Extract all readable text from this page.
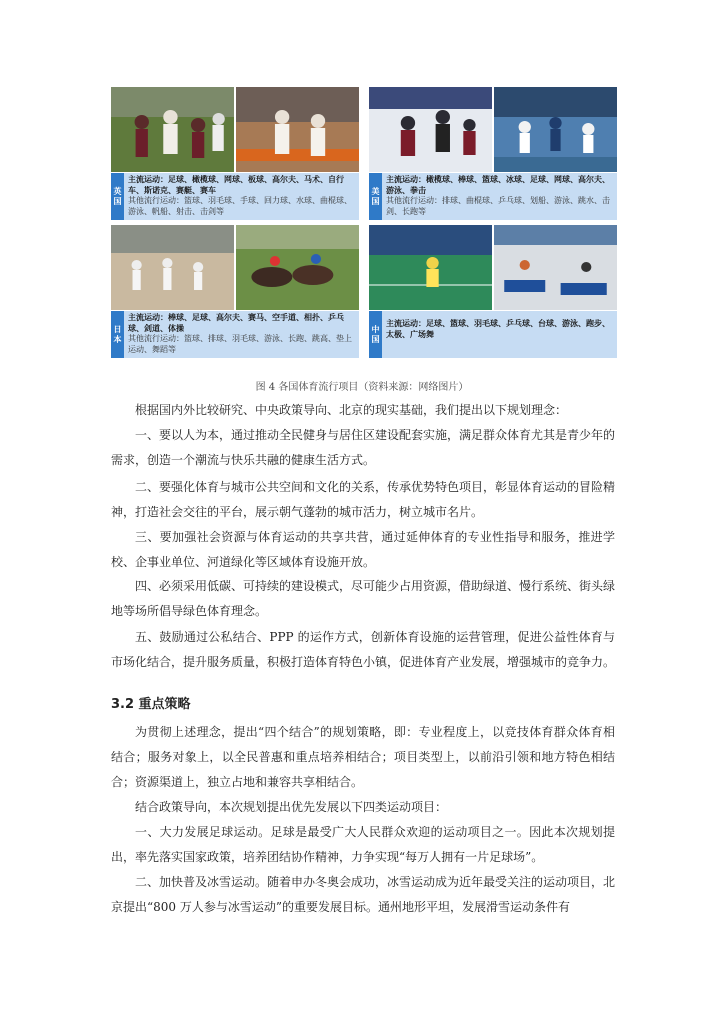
英国
主流运动：足球、橄榄球、网球、板球、高尔夫、马术、自行车、斯诺克、赛艇、赛车
其他流行运动：篮球、羽毛球、手球、回力球、水球、曲棍球、游泳、帆船、射击、击剑等
美国
主流运动：橄榄球、棒球、篮球、冰球、足球、网球、高尔夫、游泳、拳击
其他流行运动：排球、曲棍球、乒乓球、划船、游泳、跳水、击剑、长跑等
日本
主流运动：棒球、足球、高尔夫、赛马、空手道、相扑、乒乓球、剑道、体操
其他流行运动：篮球、排球、羽毛球、游泳、长跑、跳高、垫上运动、舞蹈等
中国
主流运动：足球、篮球、羽毛球、乒乓球、台球、游泳、跑步、太极、广场舞
图 4 各国体育流行项目（资料来源：网络图片）

根据国内外比较研究、中央政策导向、北京的现实基础，我们提出以下规划理念：

一、要以人为本，通过推动全民健身与居住区建设配套实施，满足群众体育尤其是青少年的需求，创造一个潮流与快乐共融的健康生活方式。

二、要强化体育与城市公共空间和文化的关系，传承优势特色项目，彰显体育运动的冒险精神，打造社会交往的平台，展示朝气蓬勃的城市活力，树立城市名片。

三、要加强社会资源与体育运动的共享共营，通过延伸体育的专业性指导和服务，推进学校、企事业单位、河道绿化等区域体育设施开放。

四、必须采用低碳、可持续的建设模式，尽可能少占用资源，借助绿道、慢行系统、街头绿地等场所倡导绿色体育理念。

五、鼓励通过公私结合、PPP 的运作方式，创新体育设施的运营管理，促进公益性体育与市场化结合，提升服务质量，积极打造体育特色小镇，促进体育产业发展，增强城市的竞争力。

3.2 重点策略

为贯彻上述理念，提出“四个结合”的规划策略，即：专业程度上，以竞技体育群众体育相结合；服务对象上，以全民普惠和重点培养相结合；项目类型上，以前沿引领和地方特色相结合；资源渠道上，独立占地和兼容共享相结合。

结合政策导向，本次规划提出优先发展以下四类运动项目：

一、大力发展足球运动。足球是最受广大人民群众欢迎的运动项目之一。因此本次规划提出，率先落实国家政策，培养团结协作精神，力争实现“每万人拥有一片足球场”。

二、加快普及冰雪运动。随着申办冬奥会成功，冰雪运动成为近年最受关注的运动项目，北京提出“800 万人参与冰雪运动”的重要发展目标。通州地形平坦，发展滑雪运动条件有
